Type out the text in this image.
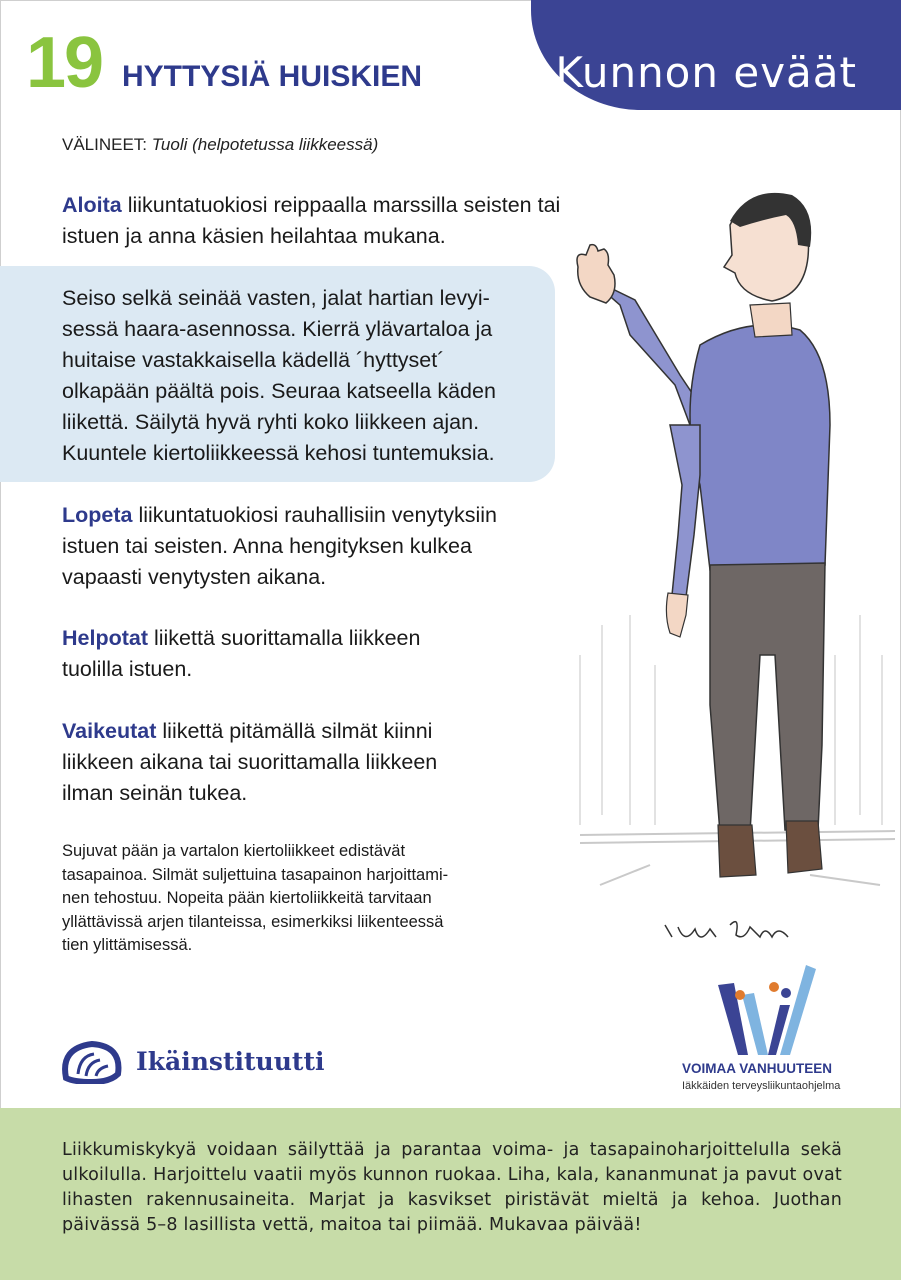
Kunnon eväät
19 HYTTYSIÄ HUISKIEN
VÄLINEET: Tuoli (helpotetussa liikkeessä)
Aloita liikuntatuokiosi reippaalla marssilla seisten tai
istuen ja anna käsien heilahtaa mukana.
Seiso selkä seinää vasten, jalat hartian levyi-
sessä haara-asennossa. Kierrä ylävartaloa ja
huitaise vastakkaisella kädellä ´hyttyset´
olkapään päältä pois. Seuraa katseella käden
liikettä. Säilytä hyvä ryhti koko liikkeen ajan.
Kuuntele kiertoliikkeessä kehosi tuntemuksia.
Lopeta liikuntatuokiosi rauhallisiin venytyksiin
istuen tai seisten. Anna hengityksen kulkea
vapaasti venytysten aikana.
Helpotat liikettä suorittamalla liikkeen
tuolilla istuen.
Vaikeutat liikettä pitämällä silmät kiinni
liikkeen aikana tai suorittamalla liikkeen
ilman seinän tukea.
Sujuvat pään ja vartalon kiertoliikkeet edistävät
tasapainoa. Silmät suljettuina tasapainon harjoittami-
nen tehostuu. Nopeita pään kiertoliikkeitä tarvitaan
yllättävissä arjen tilanteissa, esimerkiksi liikenteessä
tien ylittämisessä.
Ikäinstituutti	VOIMAA VANHUUTEEN
Iäkkäiden terveysliikuntaohjelma
Liikkumiskykyä voidaan säilyttää ja parantaa voima- ja tasapainoharjoittelulla sekä ulkoilulla. Harjoittelu vaatii myös kunnon ruokaa. Liha, kala, kananmunat ja pavut ovat lihasten rakennusaineita. Marjat ja kasvikset piristävät mieltä ja kehoa. Juothan päivässä 5–8 lasillista vettä, maitoa tai piimää. Mukavaa päivää!
